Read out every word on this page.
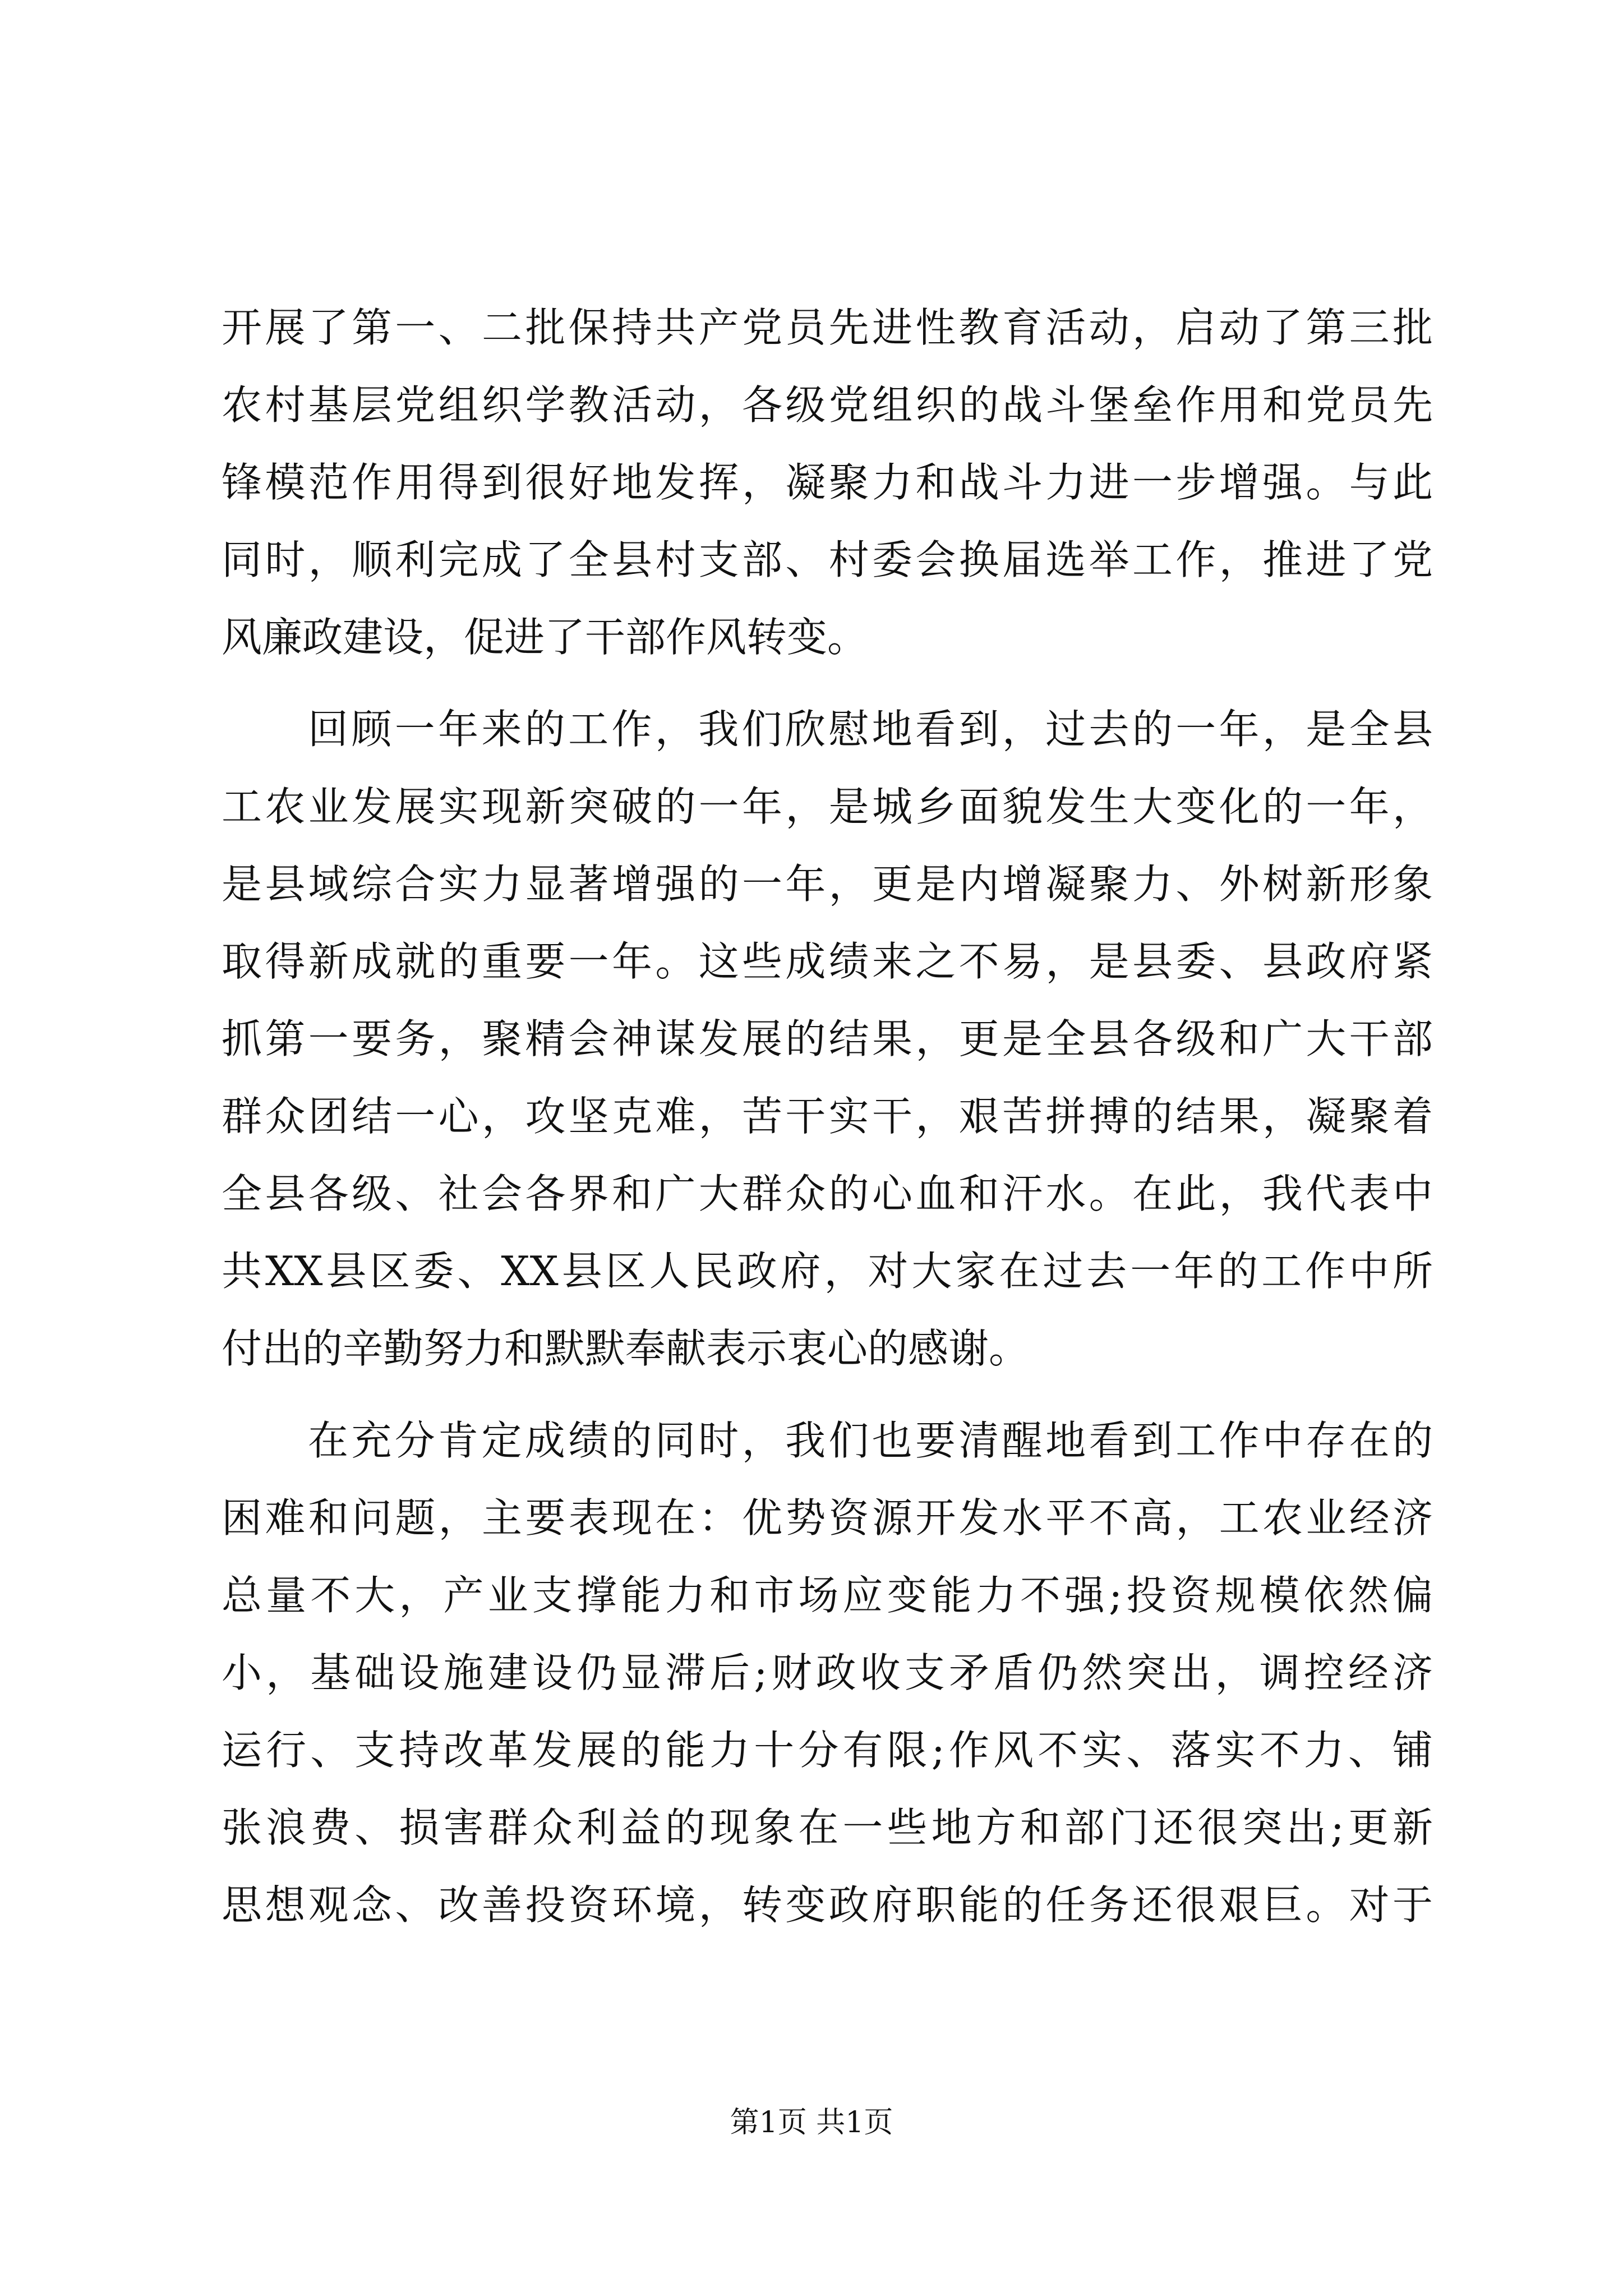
开展了第一、二批保持共产党员先进性教育活动，启动了第三批
农村基层党组织学教活动，各级党组织的战斗堡垒作用和党员先
锋模范作用得到很好地发挥，凝聚力和战斗力进一步增强。与此
同时，顺利完成了全县村支部、村委会换届选举工作，推进了党
风廉政建设，促进了干部作风转变。
回顾一年来的工作，我们欣慰地看到，过去的一年，是全县
工农业发展实现新突破的一年，是城乡面貌发生大变化的一年，
是县域综合实力显著增强的一年，更是内增凝聚力、外树新形象
取得新成就的重要一年。这些成绩来之不易，是县委、县政府紧
抓第一要务，聚精会神谋发展的结果，更是全县各级和广大干部
群众团结一心，攻坚克难，苦干实干，艰苦拼搏的结果，凝聚着
全县各级、社会各界和广大群众的心血和汗水。在此，我代表中
共XX县区委、XX县区人民政府，对大家在过去一年的工作中所
付出的辛勤努力和默默奉献表示衷心的感谢。
在充分肯定成绩的同时，我们也要清醒地看到工作中存在的
困难和问题，主要表现在：优势资源开发水平不高，工农业经济
总量不大，产业支撑能力和市场应变能力不强;投资规模依然偏
小，基础设施建设仍显滞后;财政收支矛盾仍然突出，调控经济
运行、支持改革发展的能力十分有限;作风不实、落实不力、铺
张浪费、损害群众利益的现象在一些地方和部门还很突出;更新
思想观念、改善投资环境，转变政府职能的任务还很艰巨。对于
第1页 共1页
